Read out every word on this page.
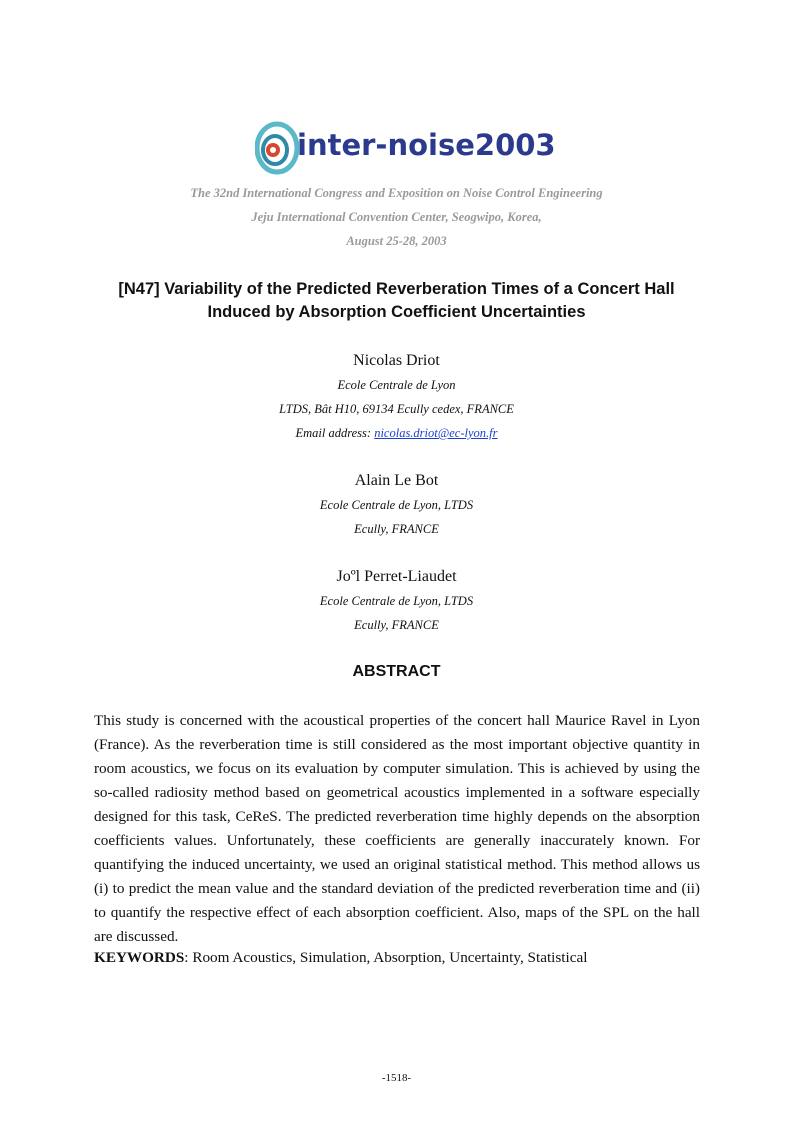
inter-noise2003
The 32nd International Congress and Exposition on Noise Control Engineering
Jeju International Convention Center, Seogwipo, Korea,
August 25-28, 2003
[N47] Variability of the Predicted Reverberation Times of a Concert Hall
Induced by Absorption Coefficient Uncertainties
Nicolas Driot
Ecole Centrale de Lyon
LTDS, Bât H10, 69134 Ecully cedex, FRANCE
Email address: nicolas.driot@ec-lyon.fr
Alain Le Bot
Ecole Centrale de Lyon, LTDS
Ecully, FRANCE
Joºl Perret-Liaudet
Ecole Centrale de Lyon, LTDS
Ecully, FRANCE
ABSTRACT
This study is concerned with the acoustical properties of the concert hall Maurice Ravel in Lyon (France). As the reverberation time is still considered as the most important objective quantity in room acoustics, we focus on its evaluation by computer simulation. This is achieved by using the so-called radiosity method based on geometrical acoustics implemented in a software especially designed for this task, CeReS. The predicted reverberation time highly depends on the absorption coefficients values. Unfortunately, these coefficients are generally inaccurately known. For quantifying the induced uncertainty, we used an original statistical method. This method allows us (i) to predict the mean value and the standard deviation of the predicted reverberation time and (ii) to quantify the respective effect of each absorption coefficient. Also, maps of the SPL on the hall are discussed.
KEYWORDS: Room Acoustics, Simulation, Absorption, Uncertainty, Statistical
-1518-
